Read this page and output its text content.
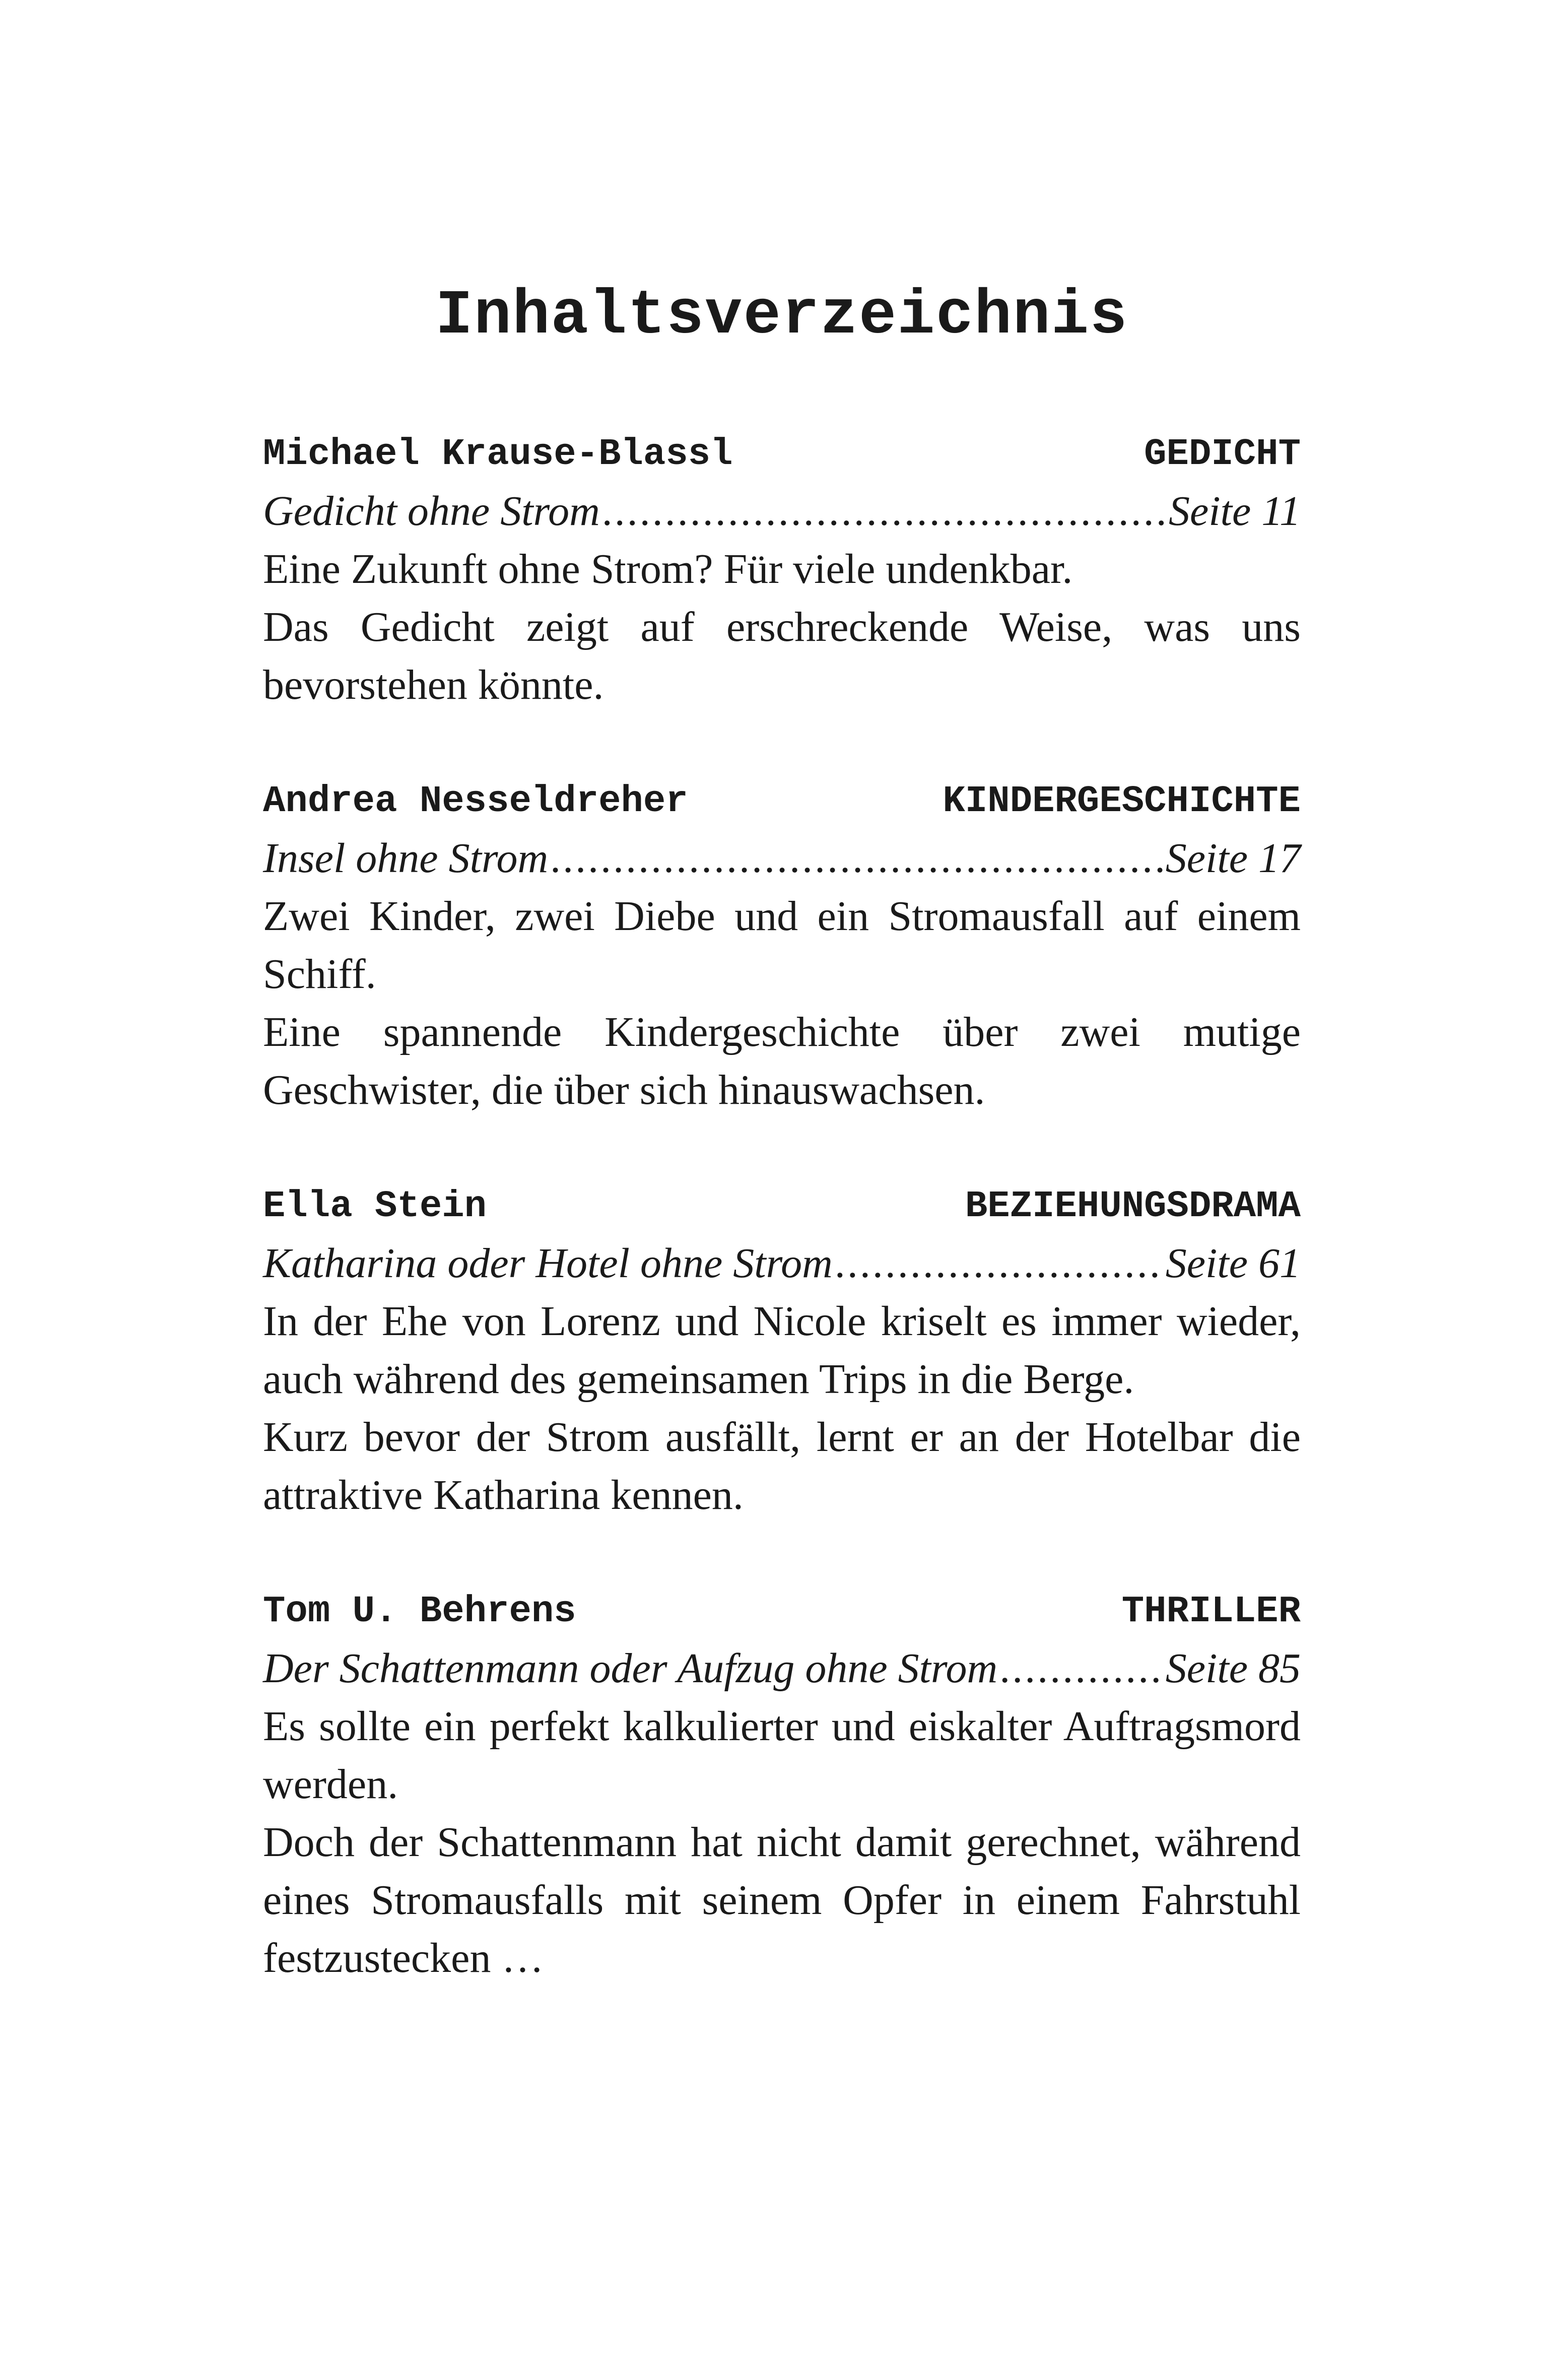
Inhaltsverzeichnis
Michael Krause-Blassl	GEDICHT
Gedicht ohne Strom .....	Seite 11

Eine Zukunft ohne Strom? Für viele undenkbar.

Das Gedicht zeigt auf erschreckende Weise, was uns bevorstehen könnte.

Andrea Nesseldreher	KINDERGESCHICHTE
Insel ohne Strom .....	Seite 17

Zwei Kinder, zwei Diebe und ein Stromausfall auf einem Schiff.

Eine spannende Kindergeschichte über zwei mutige Geschwister, die über sich hinauswachsen.

Ella Stein	BEZIEHUNGSDRAMA
Katharina oder Hotel ohne Strom .....	Seite 61

In der Ehe von Lorenz und Nicole kriselt es immer wieder, auch während des gemeinsamen Trips in die Berge.

Kurz bevor der Strom ausfällt, lernt er an der Hotelbar die attraktive Katharina kennen.

Tom U. Behrens	THRILLER
Der Schattenmann oder Aufzug ohne Strom .....	Seite 85

Es sollte ein perfekt kalkulierter und eiskalter Auftragsmord werden.

Doch der Schattenmann hat nicht damit gerechnet, während eines Stromausfalls mit seinem Opfer in einem Fahrstuhl festzustecken …
